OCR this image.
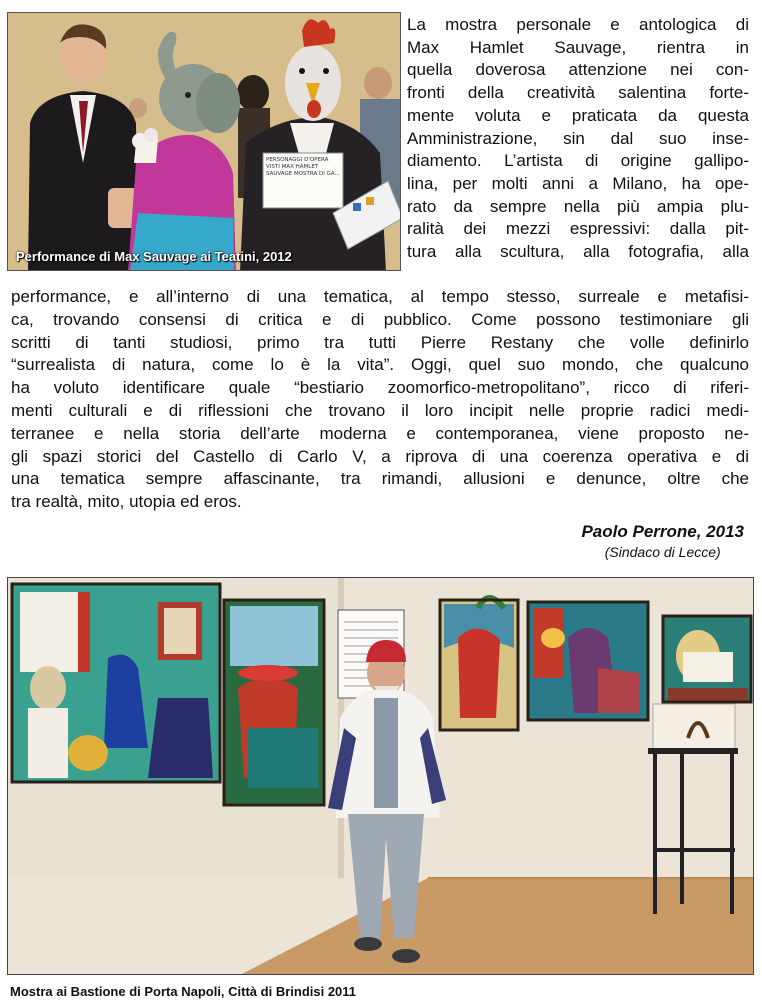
PERSONAGGI D'OPERA VISTI MAX HAMLET SAUVAGE MOSTRA DI GA...
Performance di Max Sauvage ai Teatini, 2012
La mostra personale e antologica di
Max Hamlet Sauvage, rientra in
quella doverosa attenzione nei con-
fronti della creatività salentina forte-
mente voluta e praticata da questa
Amministrazione, sin dal suo inse-
diamento. L’artista di origine gallipo-
lina, per molti anni a Milano, ha ope-
rato da sempre nella più ampia plu-
ralità dei mezzi espressivi: dalla pit-
tura alla scultura, alla fotografia, alla
performance, e all’interno di una tematica, al tempo stesso, surreale e metafisi-
ca, trovando consensi di critica e di pubblico. Come possono testimoniare gli
scritti di tanti studiosi, primo tra tutti Pierre Restany che volle definirlo
“surrealista di natura, come lo è la vita”. Oggi, quel suo mondo, che qualcuno
ha voluto identificare quale “bestiario zoomorfico-metropolitano”, ricco di riferi-
menti culturali e di riflessioni che trovano il loro incipit nelle proprie radici medi-
terranee e nella storia dell’arte moderna e contemporanea, viene proposto ne-
gli spazi storici del Castello di Carlo V, a riprova di una coerenza operativa e di
una tematica sempre affascinante, tra rimandi, allusioni e denunce, oltre che
tra realtà, mito, utopia ed eros.
Paolo Perrone, 2013
(Sindaco di Lecce)
Mostra ai Bastione di Porta Napoli, Città di Brindisi 2011
